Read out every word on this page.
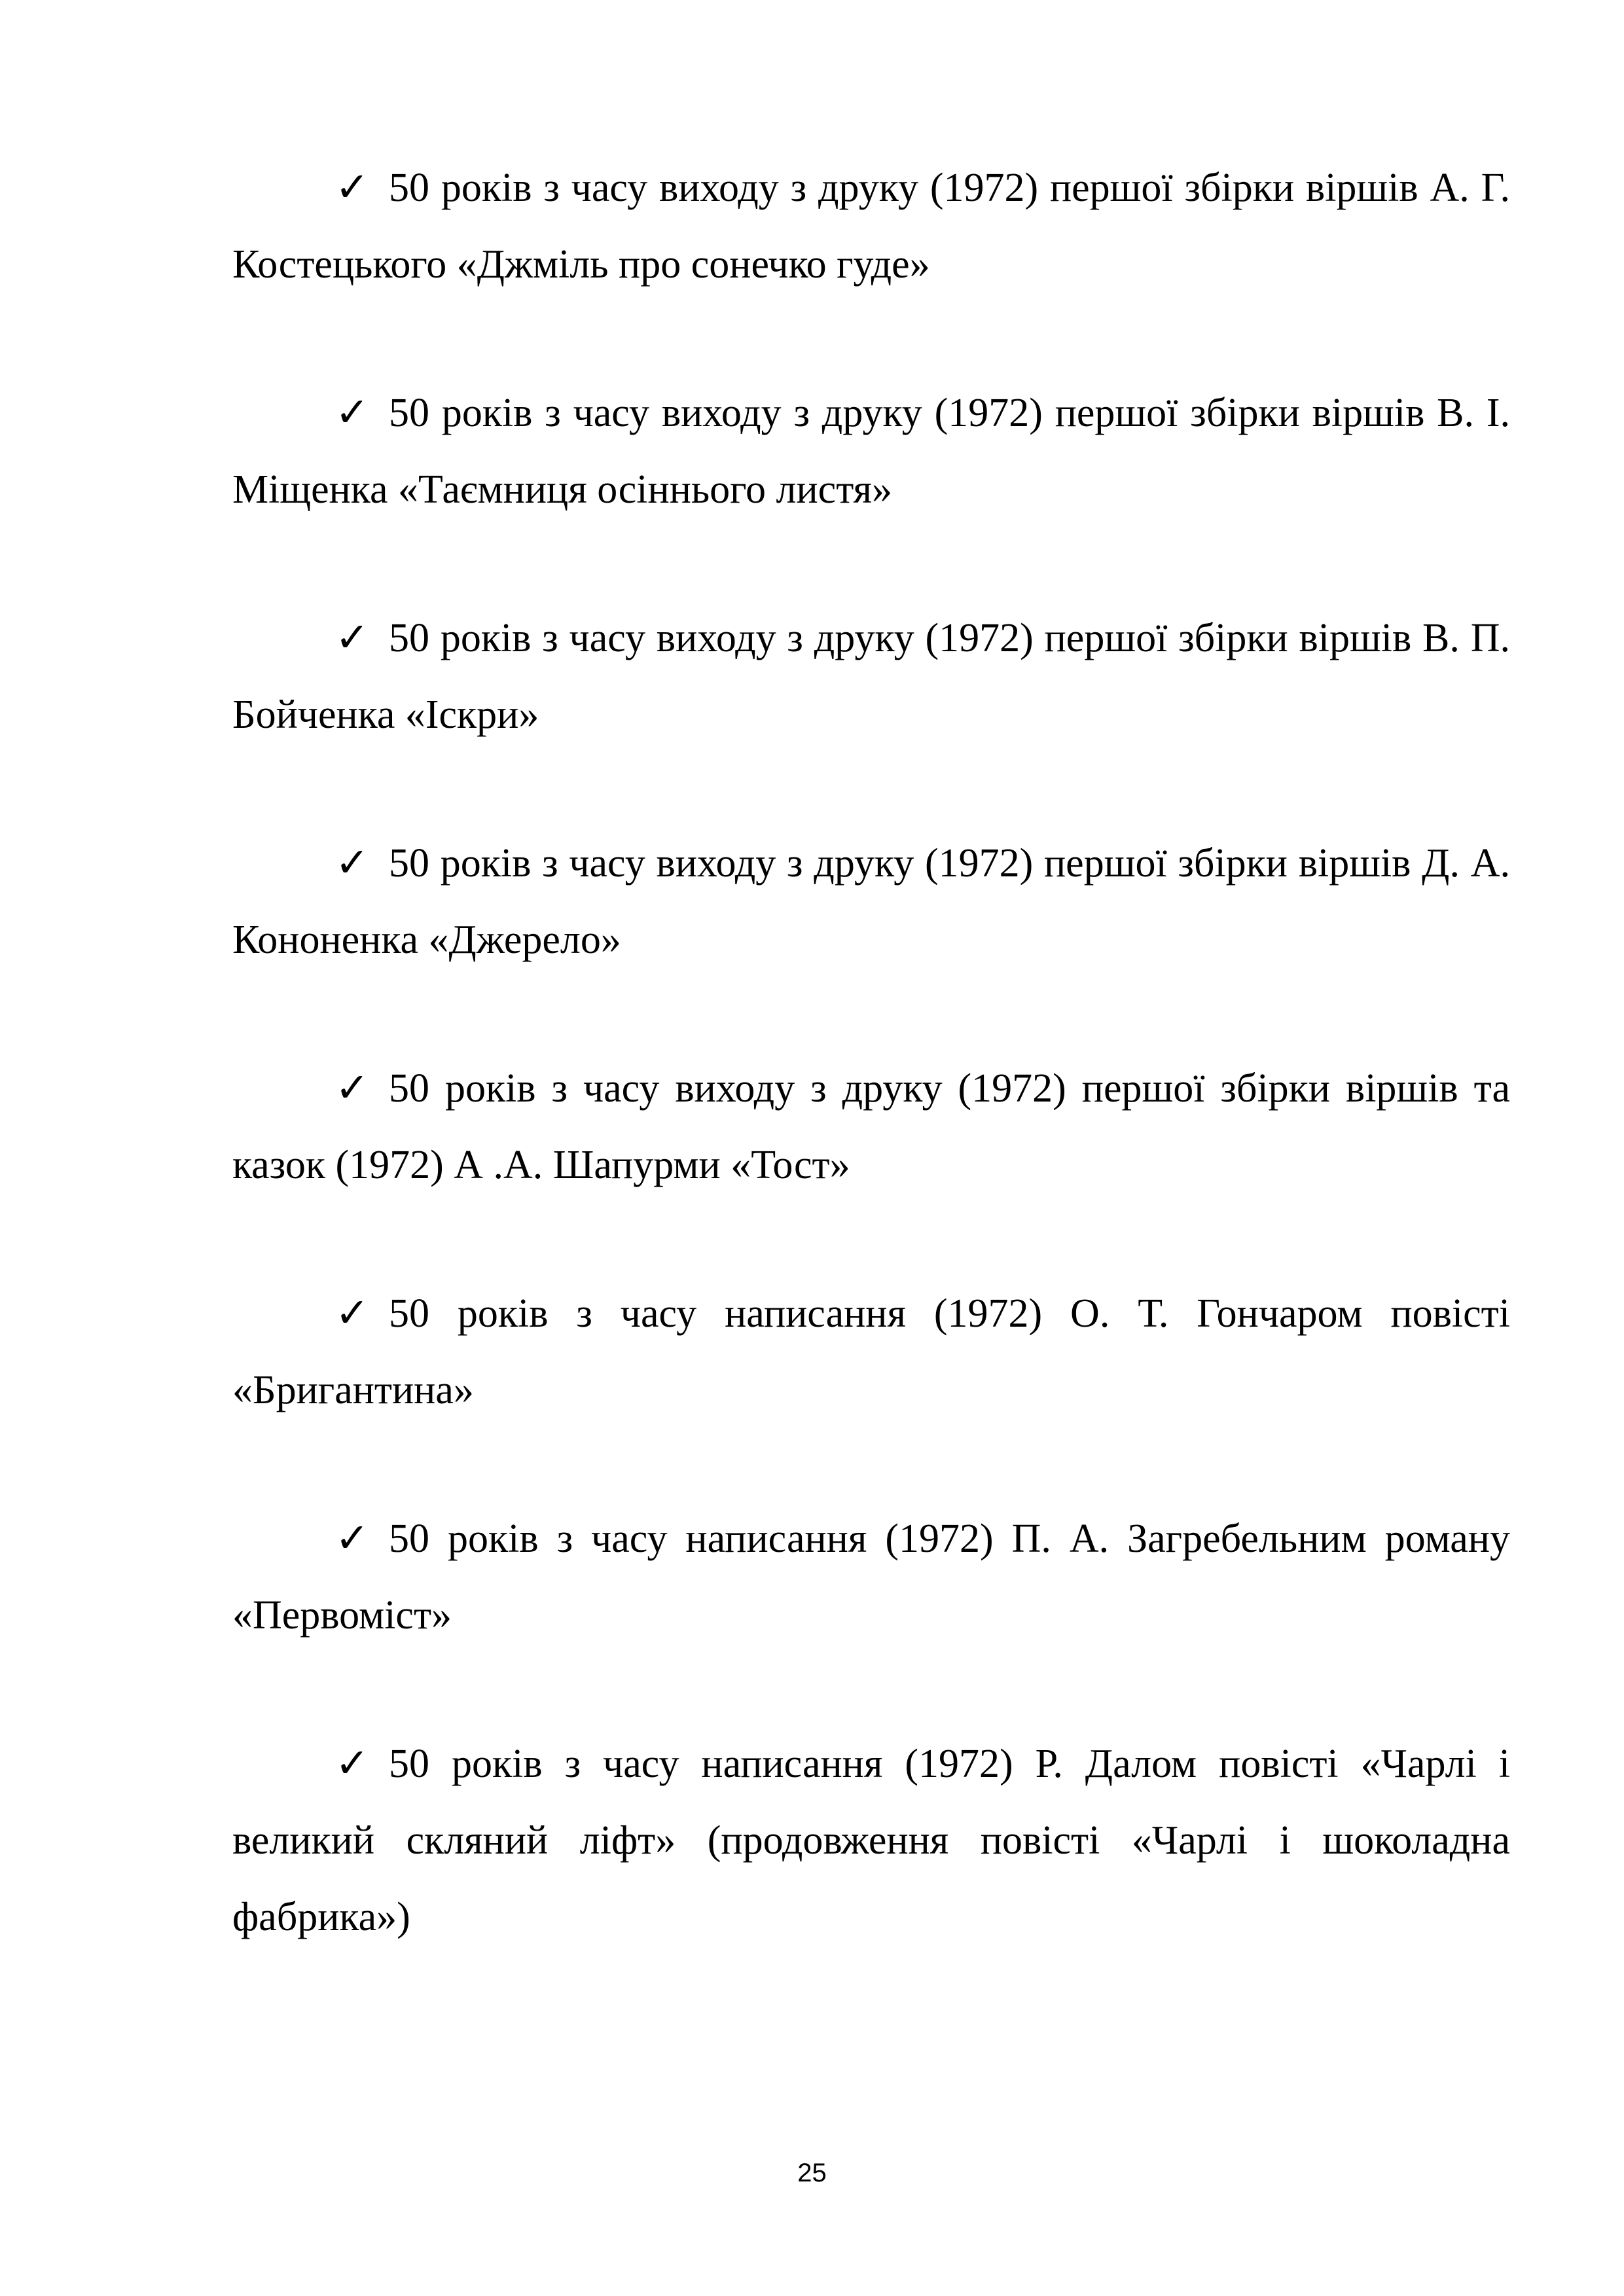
✓ 50 років з часу виходу з друку (1972) першої збірки віршів А. Г. Костецького «Джміль про сонечко гуде»

✓ 50 років з часу виходу з друку (1972) першої збірки віршів В. І. Міщенка «Таємниця осіннього листя»

✓ 50 років з часу виходу з друку (1972) першої збірки віршів В. П. Бойченка «Іскри»

✓ 50 років з часу виходу з друку (1972) першої збірки віршів Д. А. Кононенка «Джерело»

✓ 50 років з часу виходу з друку (1972) першої збірки віршів та казок (1972) А .А. Шапурми «Тост»

✓ 50 років з часу написання (1972) О. Т. Гончаром повісті «Бригантина»

✓ 50 років з часу написання (1972) П. А. Загребельним роману «Первоміст»

✓ 50 років з часу написання (1972) Р. Далом повісті «Чарлі і великий скляний ліфт» (продовження повісті «Чарлі і шоколадна фабрика»)

25
